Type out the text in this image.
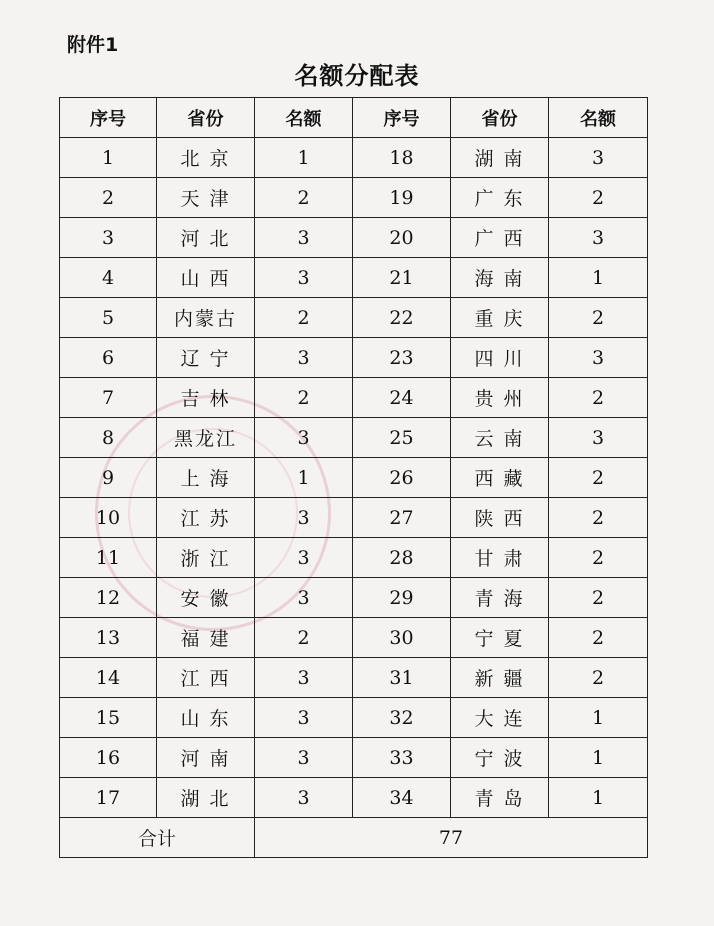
附件1
名额分配表
序号	省份	名额	序号	省份	名额
1	北 京	1	18	湖 南	3
2	天 津	2	19	广 东	2
3	河 北	3	20	广 西	3
4	山 西	3	21	海 南	1
5	内蒙古	2	22	重 庆	2
6	辽 宁	3	23	四 川	3
7	吉 林	2	24	贵 州	2
8	黑龙江	3	25	云 南	3
9	上 海	1	26	西 藏	2
10	江 苏	3	27	陕 西	2
11	浙 江	3	28	甘 肃	2
12	安 徽	3	29	青 海	2
13	福 建	2	30	宁 夏	2
14	江 西	3	31	新 疆	2
15	山 东	3	32	大 连	1
16	河 南	3	33	宁 波	1
17	湖 北	3	34	青 岛	1
合计		77			
